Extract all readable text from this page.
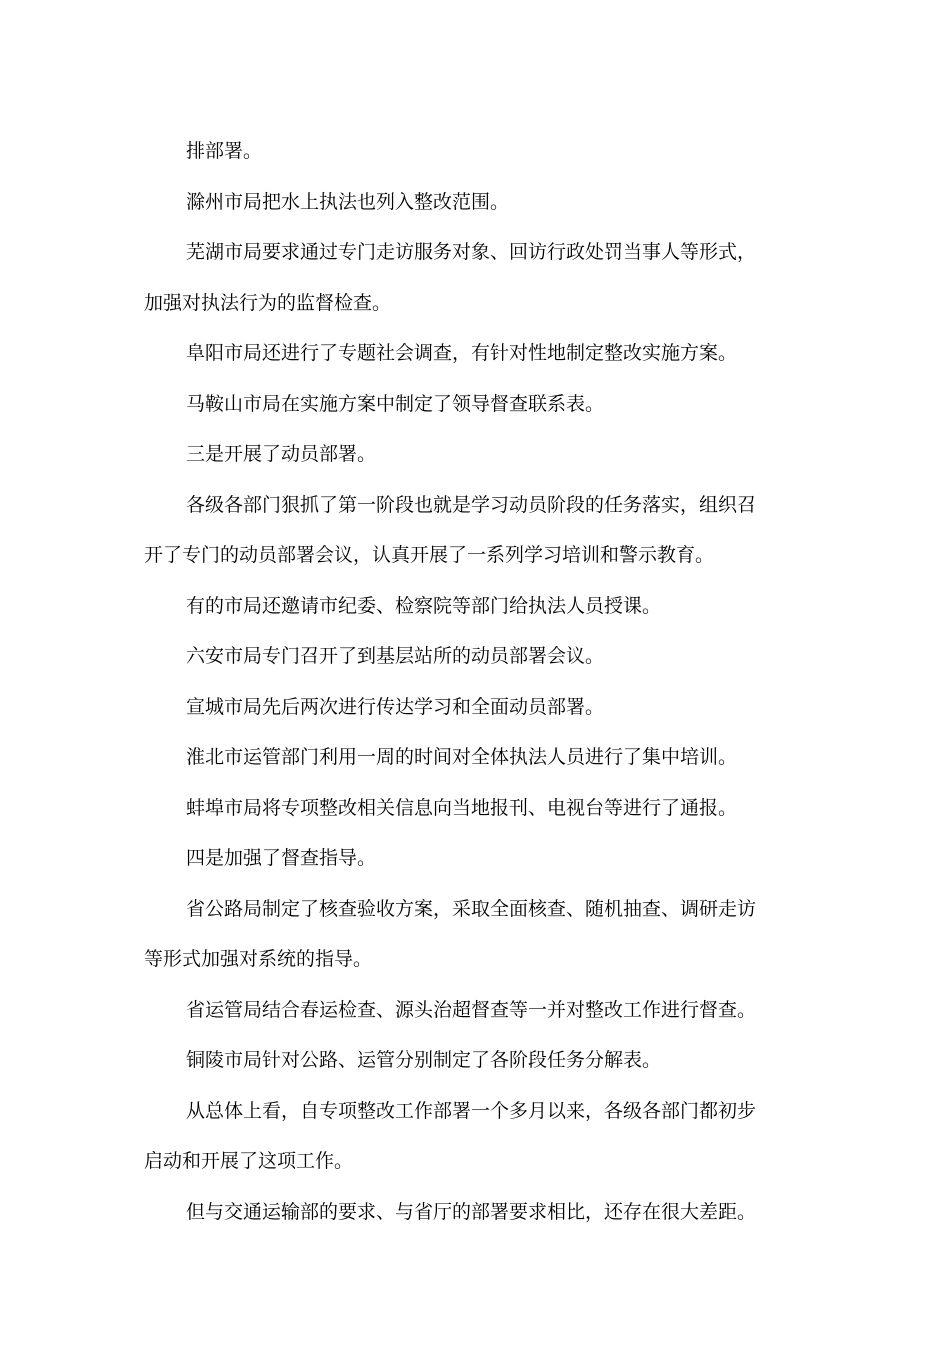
排部署。

滁州市局把水上执法也列入整改范围。

芜湖市局要求通过专门走访服务对象、回访行政处罚当事人等形式，加强对执法行为的监督检查。

阜阳市局还进行了专题社会调查，有针对性地制定整改实施方案。

马鞍山市局在实施方案中制定了领导督查联系表。

三是开展了动员部署。

各级各部门狠抓了第一阶段也就是学习动员阶段的任务落实，组织召开了专门的动员部署会议，认真开展了一系列学习培训和警示教育。

有的市局还邀请市纪委、检察院等部门给执法人员授课。

六安市局专门召开了到基层站所的动员部署会议。

宣城市局先后两次进行传达学习和全面动员部署。

淮北市运管部门利用一周的时间对全体执法人员进行了集中培训。

蚌埠市局将专项整改相关信息向当地报刊、电视台等进行了通报。

四是加强了督查指导。

省公路局制定了核查验收方案，采取全面核查、随机抽查、调研走访等形式加强对系统的指导。

省运管局结合春运检查、源头治超督查等一并对整改工作进行督查。

铜陵市局针对公路、运管分别制定了各阶段任务分解表。

从总体上看，自专项整改工作部署一个多月以来，各级各部门都初步启动和开展了这项工作。

但与交通运输部的要求、与省厅的部署要求相比，还存在很大差距。
